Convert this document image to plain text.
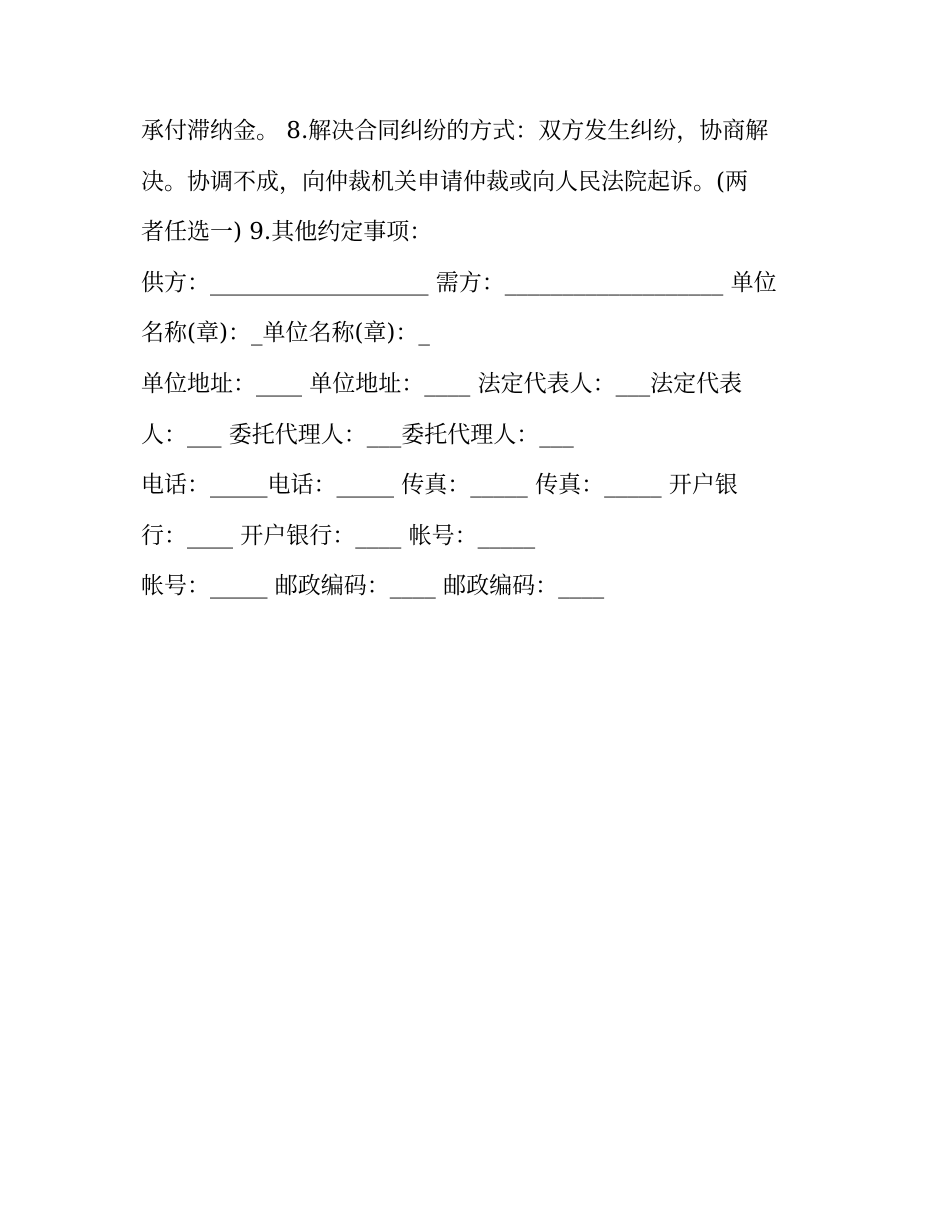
承付滞纳金。 8.解决合同纠纷的方式：双方发生纠纷，协商解
决。协调不成，向仲裁机关申请仲裁或向人民法院起诉。(两
者任选一) 9.其他约定事项：
供方：___________________ 需方：___________________ 单位
名称(章)：_单位名称(章)：_
单位地址：____ 单位地址：____ 法定代表人：___法定代表
人：___ 委托代理人：___委托代理人：___
电话：_____电话：_____ 传真：_____ 传真：_____ 开户银
行：____ 开户银行：____ 帐号：_____
帐号：_____ 邮政编码：____ 邮政编码：____
